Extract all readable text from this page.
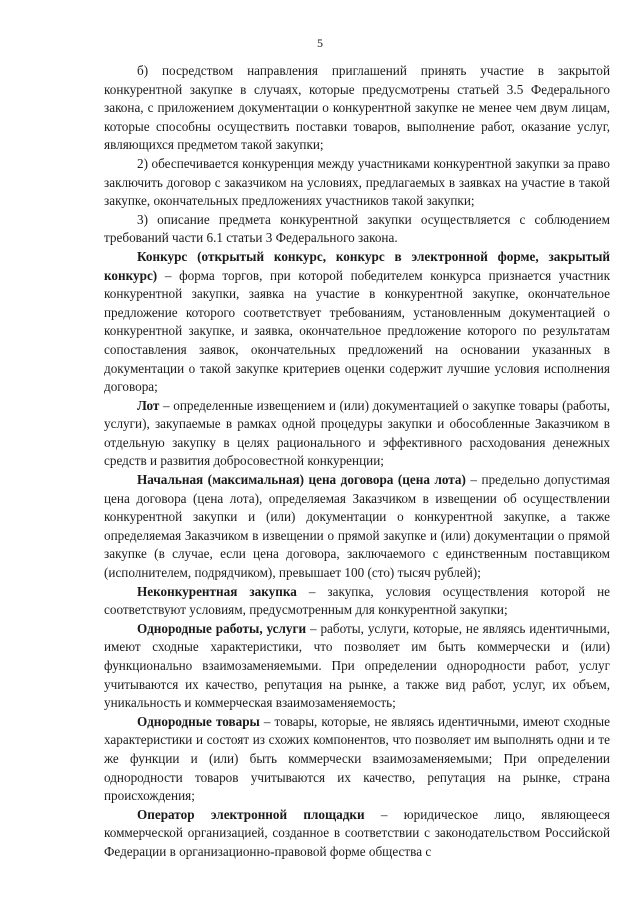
5

б) посредством направления приглашений принять участие в закрытой конкурентной закупке в случаях, которые предусмотрены статьей 3.5 Федерального закона, с приложением документации о конкурентной закупке не менее чем двум лицам, которые способны осуществить поставки товаров, выполнение работ, оказание услуг, являющихся предметом такой закупки;

2) обеспечивается конкуренция между участниками конкурентной закупки за право заключить договор с заказчиком на условиях, предлагаемых в заявках на участие в такой закупке, окончательных предложениях участников такой закупки;

3) описание предмета конкурентной закупки осуществляется с соблюдением требований части 6.1 статьи 3 Федерального закона.

Конкурс (открытый конкурс, конкурс в электронной форме, закрытый конкурс) – форма торгов, при которой победителем конкурса признается участник конкурентной закупки, заявка на участие в конкурентной закупке, окончательное предложение которого соответствует требованиям, установленным документацией о конкурентной закупке, и заявка, окончательное предложение которого по результатам сопоставления заявок, окончательных предложений на основании указанных в документации о такой закупке критериев оценки содержит лучшие условия исполнения договора;

Лот – определенные извещением и (или) документацией о закупке товары (работы, услуги), закупаемые в рамках одной процедуры закупки и обособленные Заказчиком в отдельную закупку в целях рационального и эффективного расходования денежных средств и развития добросовестной конкуренции;

Начальная (максимальная) цена договора (цена лота) – предельно допустимая цена договора (цена лота), определяемая Заказчиком в извещении об осуществлении конкурентной закупки и (или) документации о конкурентной закупке, а также определяемая Заказчиком в извещении о прямой закупке и (или) документации о прямой закупке (в случае, если цена договора, заключаемого с единственным поставщиком (исполнителем, подрядчиком), превышает 100 (сто) тысяч рублей);

Неконкурентная закупка – закупка, условия осуществления которой не соответствуют условиям, предусмотренным для конкурентной закупки;

Однородные работы, услуги – работы, услуги, которые, не являясь идентичными, имеют сходные характеристики, что позволяет им быть коммерчески и (или) функционально взаимозаменяемыми. При определении однородности работ, услуг учитываются их качество, репутация на рынке, а также вид работ, услуг, их объем, уникальность и коммерческая взаимозаменяемость;

Однородные товары – товары, которые, не являясь идентичными, имеют сходные характеристики и состоят из схожих компонентов, что позволяет им выполнять одни и те же функции и (или) быть коммерчески взаимозаменяемыми; При определении однородности товаров учитываются их качество, репутация на рынке, страна происхождения;

Оператор электронной площадки – юридическое лицо, являющееся коммерческой организацией, созданное в соответствии с законодательством Российской Федерации в организационно-правовой форме общества с
